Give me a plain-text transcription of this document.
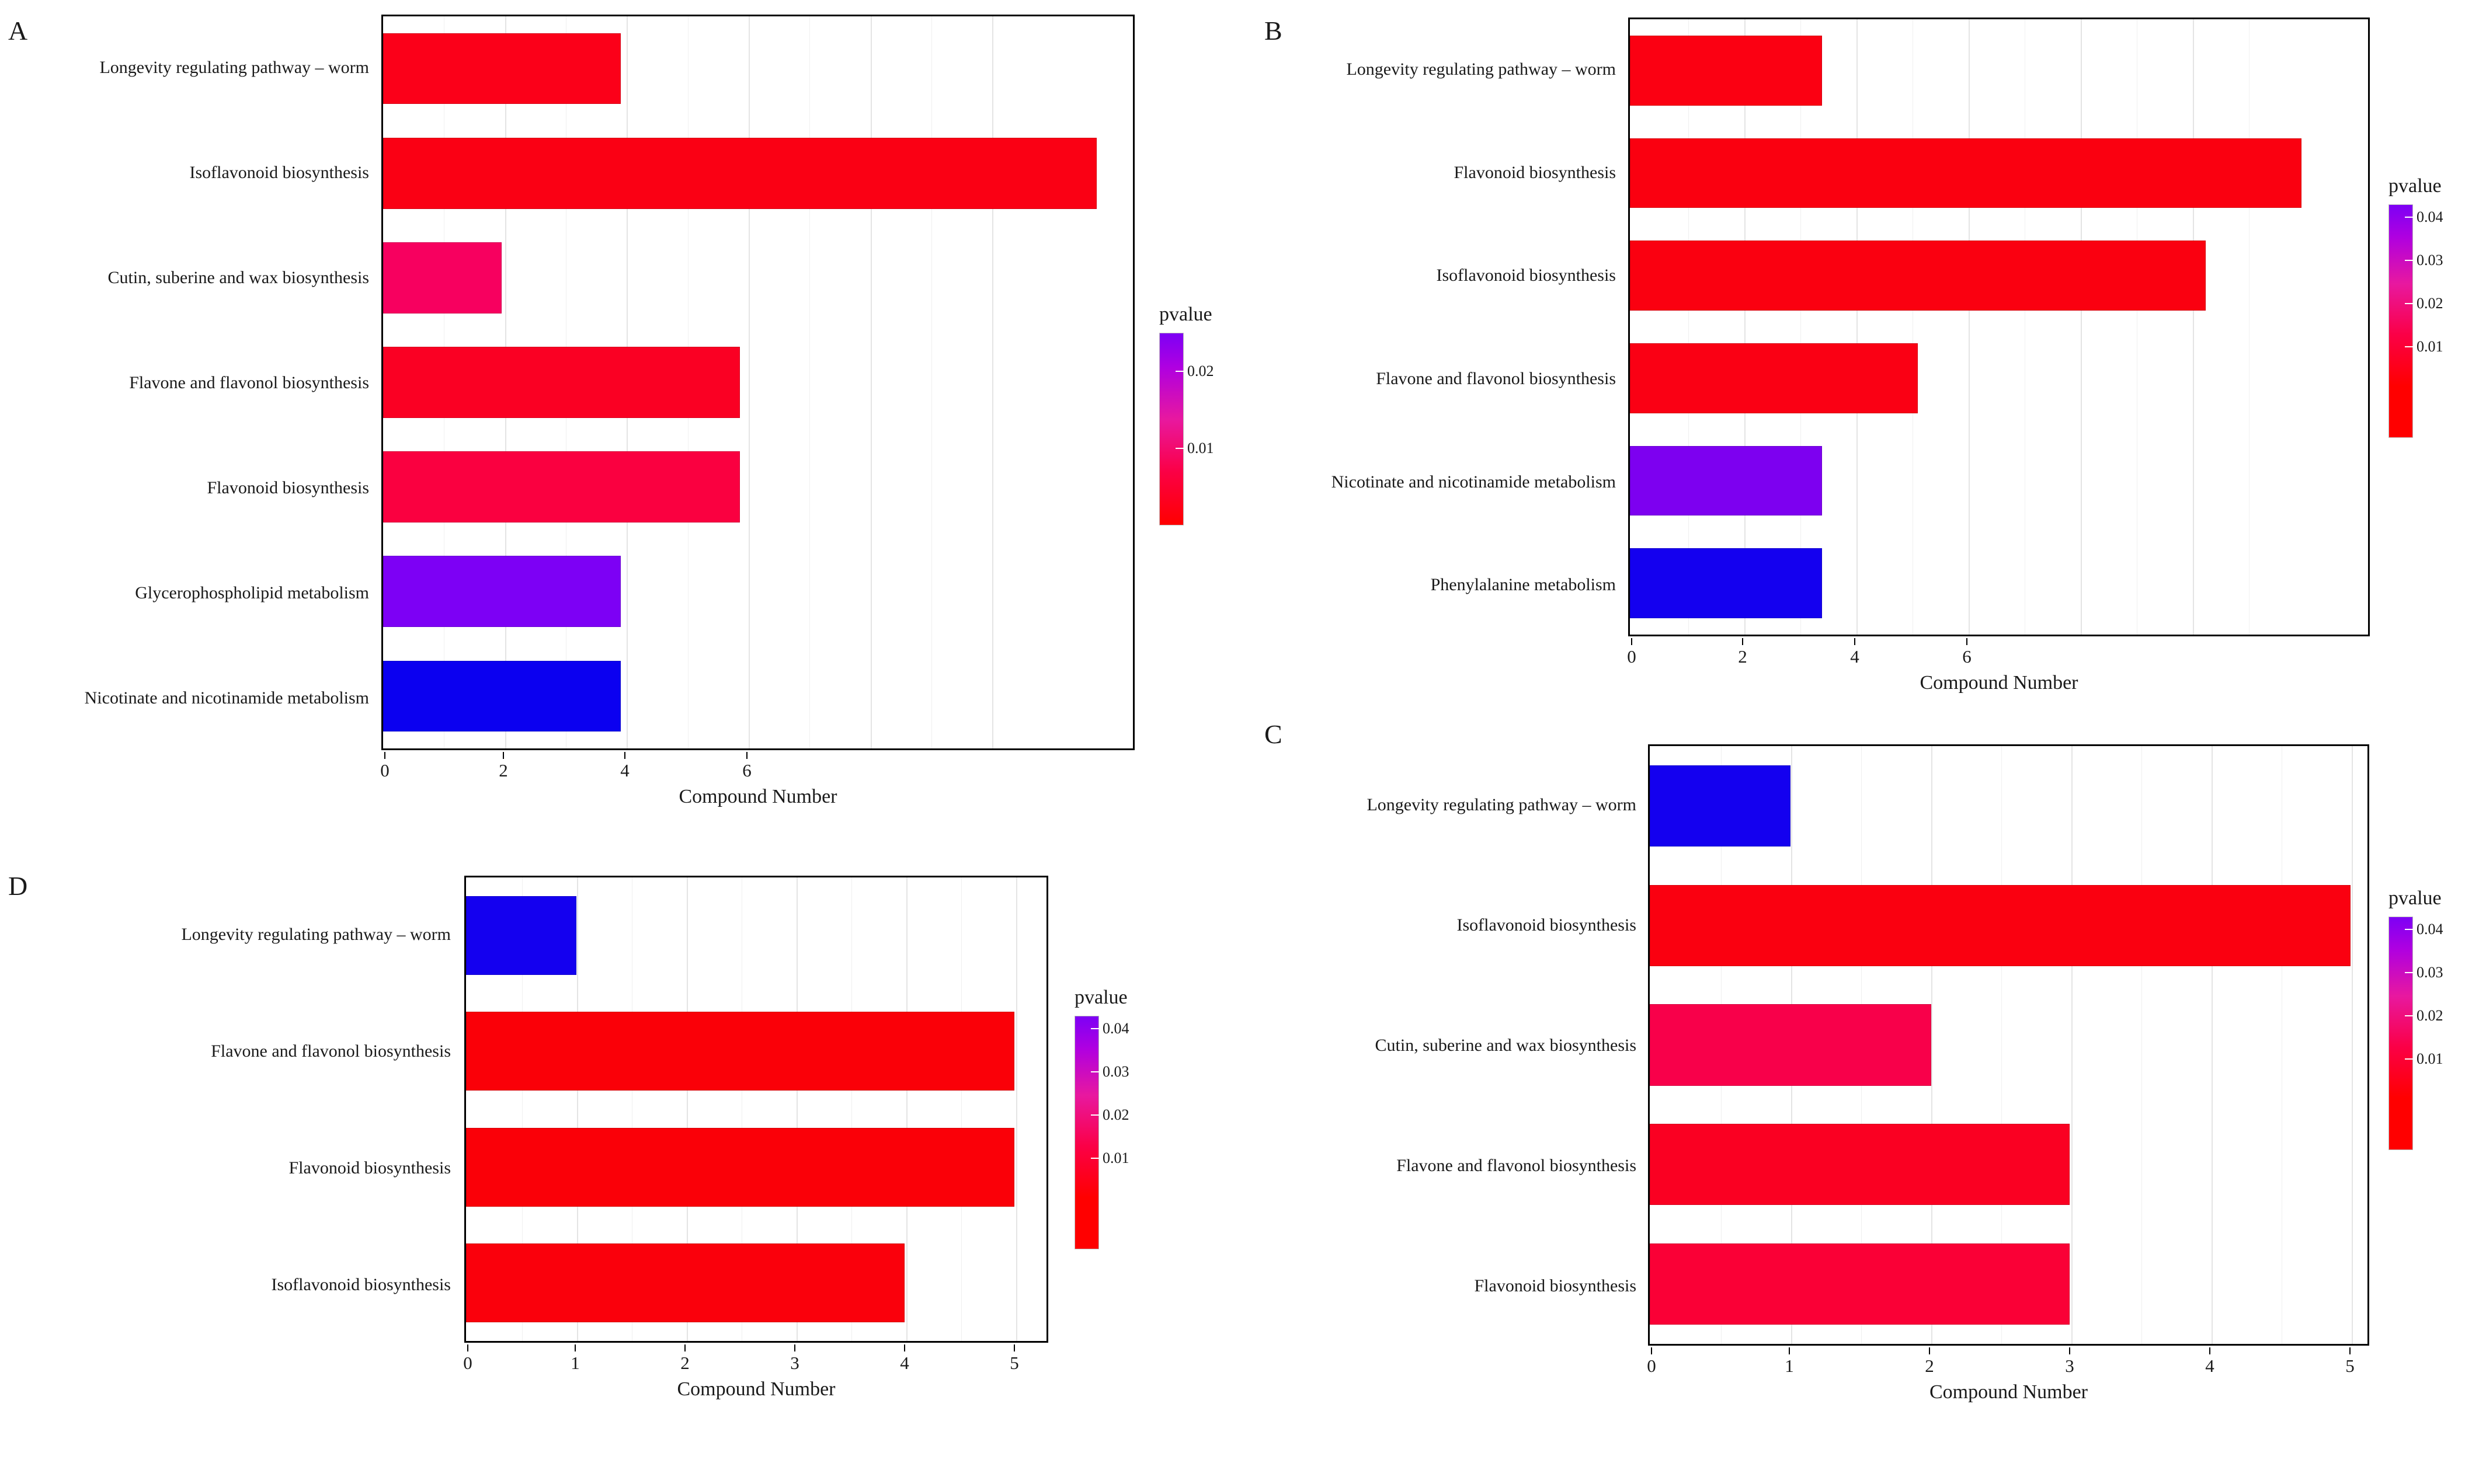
A
Longevity regulating pathway – worm
Isoflavonoid biosynthesis
Cutin, suberine and wax biosynthesis
Flavone and flavonol biosynthesis
Flavonoid biosynthesis
Glycerophospholipid metabolism
Nicotinate and nicotinamide metabolism
0	2	4	6
Compound Number
pvalue
0.02
0.01
B
Longevity regulating pathway – worm
Flavonoid biosynthesis
Isoflavonoid biosynthesis
Flavone and flavonol biosynthesis
Nicotinate and nicotinamide metabolism
Phenylalanine metabolism
0	2	4	6
Compound Number
pvalue
0.04
0.03
0.02
0.01
C
Longevity regulating pathway – worm
Isoflavonoid biosynthesis
Cutin, suberine and wax biosynthesis
Flavone and flavonol biosynthesis
Flavonoid biosynthesis
0	1	2	3	4	5
Compound Number
pvalue
0.04
0.03
0.02
0.01
D
Longevity regulating pathway – worm
Flavone and flavonol biosynthesis
Flavonoid biosynthesis
Isoflavonoid biosynthesis
0	1	2	3	4	5
Compound Number
pvalue
0.04
0.03
0.02
0.01
